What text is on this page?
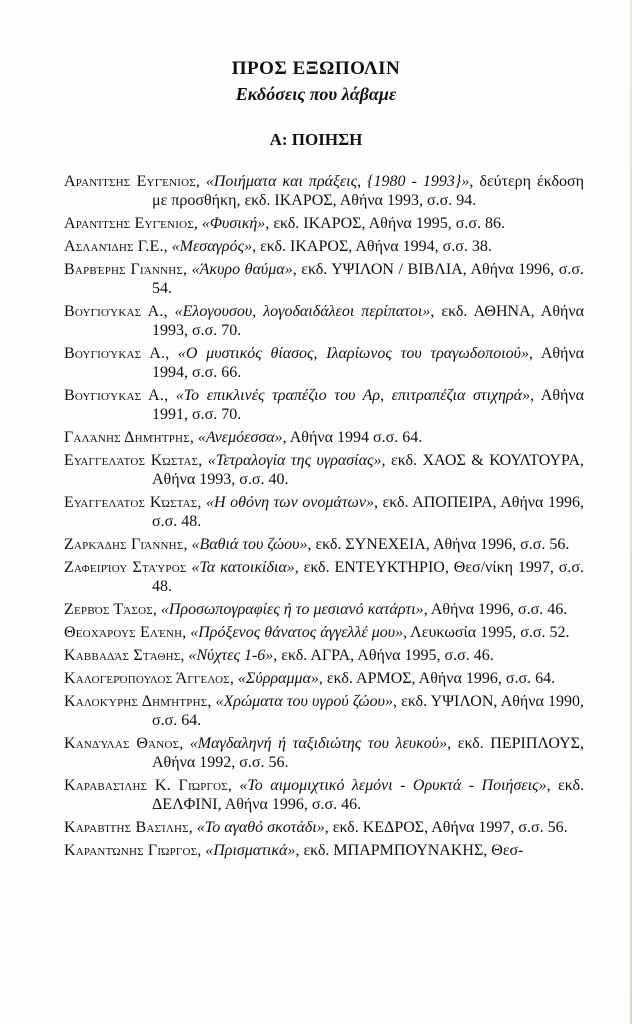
ΠΡΟΣ ΕΞΩΠΟΛΙΝ
Εκδόσεις που λάβαμε
Α: ΠΟΙΗΣΗ
Αρανίτσης Ευγένιος, «Ποιήματα και πράξεις, {1980 - 1993}», δεύτερη έκδοση με προσθήκη, εκδ. ΙΚΑΡΟΣ, Αθήνα 1993, σ.σ. 94.
Αρανίτσης Ευγένιος, «Φυσική», εκδ. ΙΚΑΡΟΣ, Αθήνα 1995, σ.σ. 86.
Ασλανίδης Γ.Ε., «Μεσαγρός», εκδ. ΙΚΑΡΟΣ, Αθήνα 1994, σ.σ. 38.
Βαρβέρης Γιάννης, «Άκυρο θαύμα», εκδ. ΥΨΙΛΟΝ / ΒΙΒΛΙΑ, Αθήνα 1996, σ.σ. 54.
Βουγιούκας Α., «Ελογουσου, λογοδαιδάλεοι περίπατοι», εκδ. ΑΘΗΝΑ, Αθήνα 1993, σ.σ. 70.
Βουγιούκας Α., «Ο μυστικός θίασος, Ιλαρίωνος του τραγωδοποιού», Αθήνα 1994, σ.σ. 66.
Βουγιούκας Α., «Το επικλινές τραπέζιο του Αρ, επιτραπέζια στιχηρά», Αθήνα 1991, σ.σ. 70.
Γαλάνης Δημήτρης, «Ανεμόεσσα», Αθήνα 1994 σ.σ. 64.
Ευαγγελάτος Κώστας, «Τετραλογία της υγρασίας», εκδ. ΧΑΟΣ & ΚΟΥΛΤΟΥΡΑ, Αθήνα 1993, σ.σ. 40.
Ευαγγελάτος Κώστας, «Η οθόνη των ονομάτων», εκδ. ΑΠΟΠΕΙΡΑ, Αθήνα 1996, σ.σ. 48.
Ζαρκάδης Γιάννης, «Βαθιά του ζώου», εκδ. ΣΥΝΕΧΕΙΑ, Αθήνα 1996, σ.σ. 56.
Ζαφειρίου Σταύρος «Τα κατοικίδια», εκδ. ΕΝΤΕΥΚΤΗΡΙΟ, Θεσ/νίκη 1997, σ.σ. 48.
Ζερβός Τάσος, «Προσωπογραφίες ή το μεσιανό κατάρτι», Αθήνα 1996, σ.σ. 46.
Θεοχάρους Ελένη, «Πρόξενος θάνατος άγγελλέ μου», Λευκωσία 1995, σ.σ. 52.
Καββαδάς Στάθης, «Νύχτες 1-6», εκδ. ΑΓΡΑ, Αθήνα 1995, σ.σ. 46.
Καλογερόπουλος Άγγελος, «Σύρραμμα», εκδ. ΑΡΜΟΣ, Αθήνα 1996, σ.σ. 64.
Καλοκύρης Δημήτρης, «Χρώματα του υγρού ζώου», εκδ. ΥΨΙΛΟΝ, Αθήνα 1990, σ.σ. 64.
Κανδύλας Θάνος, «Μαγδαληνή ή ταξιδιώτης του λευκού», εκδ. ΠΕΡΙΠΛΟΥΣ, Αθήνα 1992, σ.σ. 56.
Καραβασίλης Κ. Γιώργος, «Το αιμομιχτικό λεμόνι - Ορυκτά - Ποιήσεις», εκδ. ΔΕΛΦΙΝΙ, Αθήνα 1996, σ.σ. 46.
Καραβίτης Βασίλης, «Το αγαθό σκοτάδι», εκδ. ΚΕΔΡΟΣ, Αθήνα 1997, σ.σ. 56.
Καραντώνης Γιώργος, «Πρισματικά», εκδ. ΜΠΑΡΜΠΟΥΝΑΚΗΣ, Θεσ-
